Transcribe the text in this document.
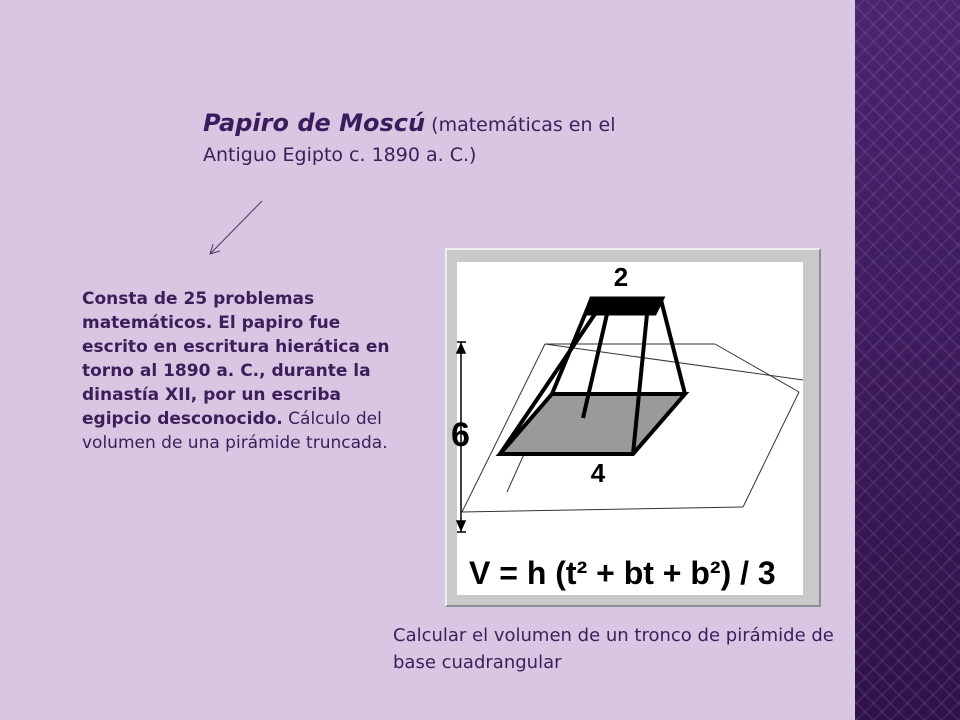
Papiro de Moscú (matemáticas en el Antiguo Egipto c. 1890 a. C.)
Consta de 25 problemas matemáticos. El papiro fue escrito en escritura hierática en torno al 1890 a. C., durante la dinastía XII, por un escriba egipcio desconocido. Cálculo del volumen de una pirámide truncada.
2
6
4
V = h (t² + bt + b²) / 3
Calcular el volumen de un tronco de pirámide de base cuadrangular
